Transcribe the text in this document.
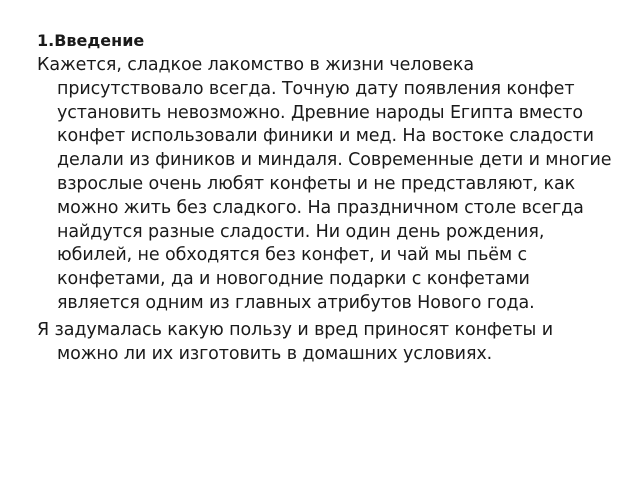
1.Введение

Кажется, сладкое лакомство в жизни человека присутствовало всегда. Точную дату появления конфет установить невозможно. Древние народы Египта вместо конфет использовали финики и мед. На востоке сладости делали из фиников и миндаля. Современные дети и многие взрослые очень любят конфеты и не представляют, как можно жить без сладкого. На праздничном столе всегда найдутся разные сладости. Ни один день рождения, юбилей, не обходятся без конфет, и чай мы пьём с конфетами, да и новогодние подарки с конфетами является одним из главных атрибутов Нового года.

Я задумалась какую пользу и вред приносят конфеты и можно ли их изготовить в домашних условиях.
